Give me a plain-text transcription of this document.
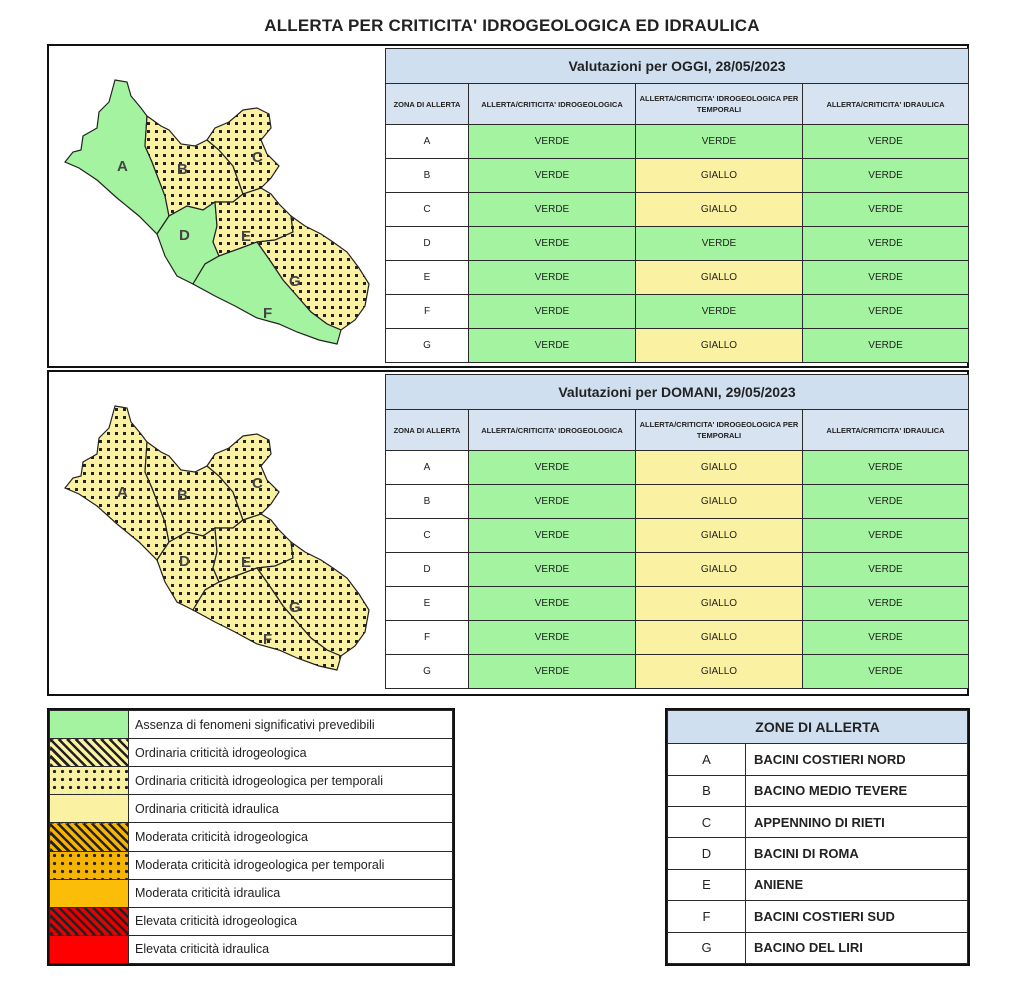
ALLERTA PER CRITICITA' IDROGEOLOGICA ED IDRAULICA
A	B
C
D	E
G
F
Valutazioni per OGGI, 28/05/2023			
ZONA DI ALLERTA	ALLERTA/CRITICITA' IDROGEOLOGICA	ALLERTA/CRITICITA' IDROGEOLOGICA PER TEMPORALI	ALLERTA/CRITICITA' IDRAULICA
A	VERDE	VERDE	VERDE
B	VERDE	GIALLO	VERDE
C	VERDE	GIALLO	VERDE
D	VERDE	VERDE	VERDE
E	VERDE	GIALLO	VERDE
F	VERDE	VERDE	VERDE
G	VERDE	GIALLO	VERDE
A	B
C
D	E
G
F
Valutazioni per DOMANI, 29/05/2023			
ZONA DI ALLERTA	ALLERTA/CRITICITA' IDROGEOLOGICA	ALLERTA/CRITICITA' IDROGEOLOGICA PER TEMPORALI	ALLERTA/CRITICITA' IDRAULICA
A	VERDE	GIALLO	VERDE
B	VERDE	GIALLO	VERDE
C	VERDE	GIALLO	VERDE
D	VERDE	GIALLO	VERDE
E	VERDE	GIALLO	VERDE
F	VERDE	GIALLO	VERDE
G	VERDE	GIALLO	VERDE
	Assenza di fenomeni significativi prevedibili
	Ordinaria criticità idrogeologica
	Ordinaria criticità idrogeologica per temporali
	Ordinaria criticità idraulica
	Moderata criticità idrogeologica
	Moderata criticità idrogeologica per temporali
	Moderata criticità idraulica
	Elevata criticità idrogeologica
	Elevata criticità idraulica
ZONE DI ALLERTA	
A	BACINI COSTIERI NORD
B	BACINO MEDIO TEVERE
C	APPENNINO DI RIETI
D	BACINI DI ROMA
E	ANIENE
F	BACINI COSTIERI SUD
G	BACINO DEL LIRI
